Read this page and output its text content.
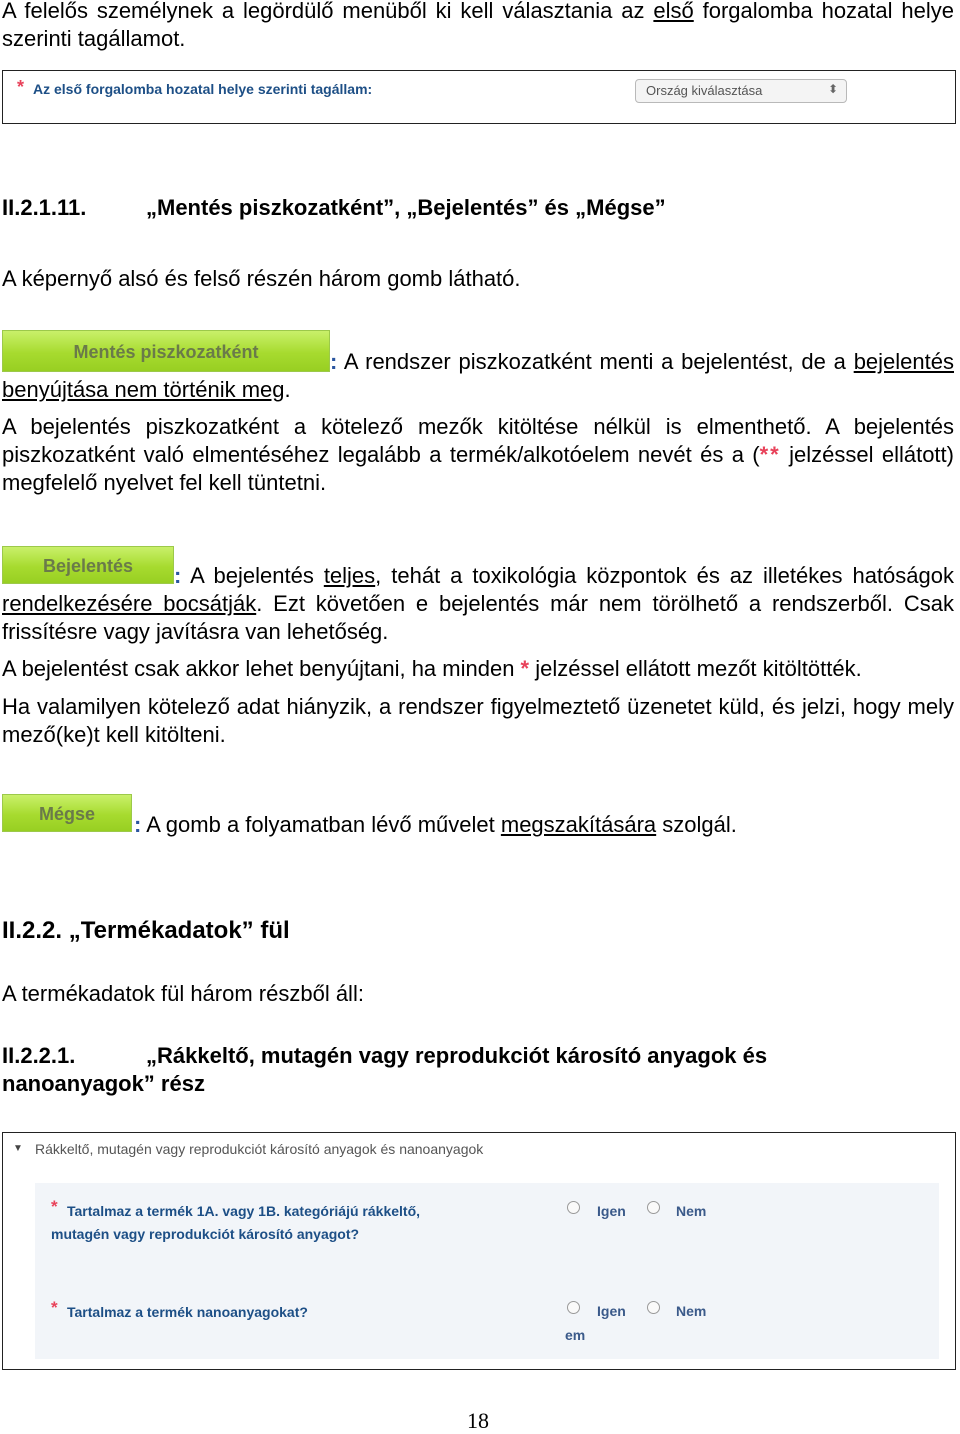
A felelős személynek a legördülő menüből ki kell választania az első forgalomba hozatal helye szerinti tagállamot.

* Az első forgalomba hozatal helye szerinti tagállam:	Ország kiválasztása	⬍
II.2.1.11.	„Mentés piszkozatként”, „Bejelentés” és „Mégse”

A képernyő alsó és felső részén három gomb látható.

Mentés piszkozatként	: A rendszer piszkozatként menti a bejelentést, de a bejelentés benyújtása nem történik meg.

A bejelentés piszkozatként a kötelező mezők kitöltése nélkül is elmenthető. A bejelentés piszkozatként való elmentéséhez legalább a termék/alkotóelem nevét és a (** jelzéssel ellátott) megfelelő nyelvet fel kell tüntetni.

Bejelentés	: A bejelentés teljes, tehát a toxikológia központok és az illetékes hatóságok rendelkezésére bocsátják. Ezt követően e bejelentés már nem törölhető a rendszerből. Csak frissítésre vagy javításra van lehetőség.

A bejelentést csak akkor lehet benyújtani, ha minden * jelzéssel ellátott mezőt kitöltötték.

Ha valamilyen kötelező adat hiányzik, a rendszer figyelmeztető üzenetet küld, és jelzi, hogy mely mező(ke)t kell kitölteni.

Mégse	: A gomb a folyamatban lévő művelet megszakítására szolgál.

II.2.2. „Termékadatok” fül

A termékadatok fül három részből áll:

II.2.2.1.	„Rákkeltő, mutagén vagy reprodukciót károsító anyagok és
nanoanyagok” rész
▼ Rákkeltő, mutagén vagy reprodukciót károsító anyagok és nanoanyagok
* Tartalmaz a termék 1A. vagy 1B. kategóriájú rákkeltő,
mutagén vagy reprodukciót károsító anyagot?
Igen	Nem
* Tartalmaz a termék nanoanyagokat?	Igen	Nem
em
18
